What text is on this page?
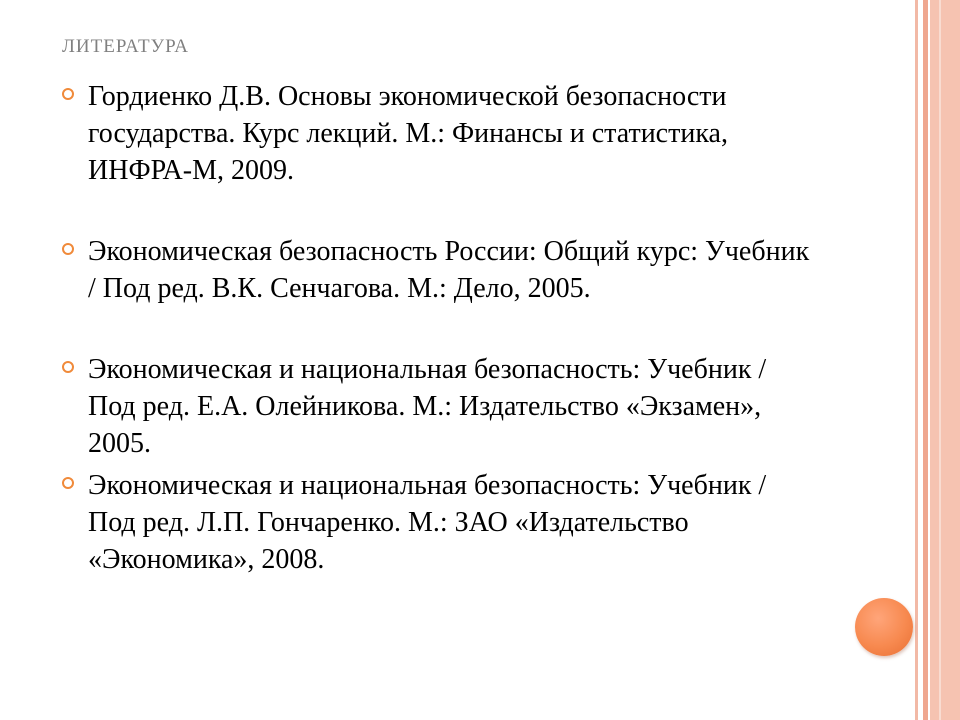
ЛИТЕРАТУРА
Гордиенко Д.В. Основы экономической безопасности государства. Курс лекций. М.: Финансы и статистика, ИНФРА-М, 2009.
Экономическая безопасность России: Общий курс: Учебник / Под ред. В.К. Сенчагова. М.: Дело, 2005.
Экономическая и национальная безопасность: Учебник / Под ред. Е.А. Олейникова. М.: Издательство «Экзамен», 2005.
Экономическая и национальная безопасность: Учебник / Под ред. Л.П. Гончаренко. М.: ЗАО «Издательство «Экономика», 2008.
